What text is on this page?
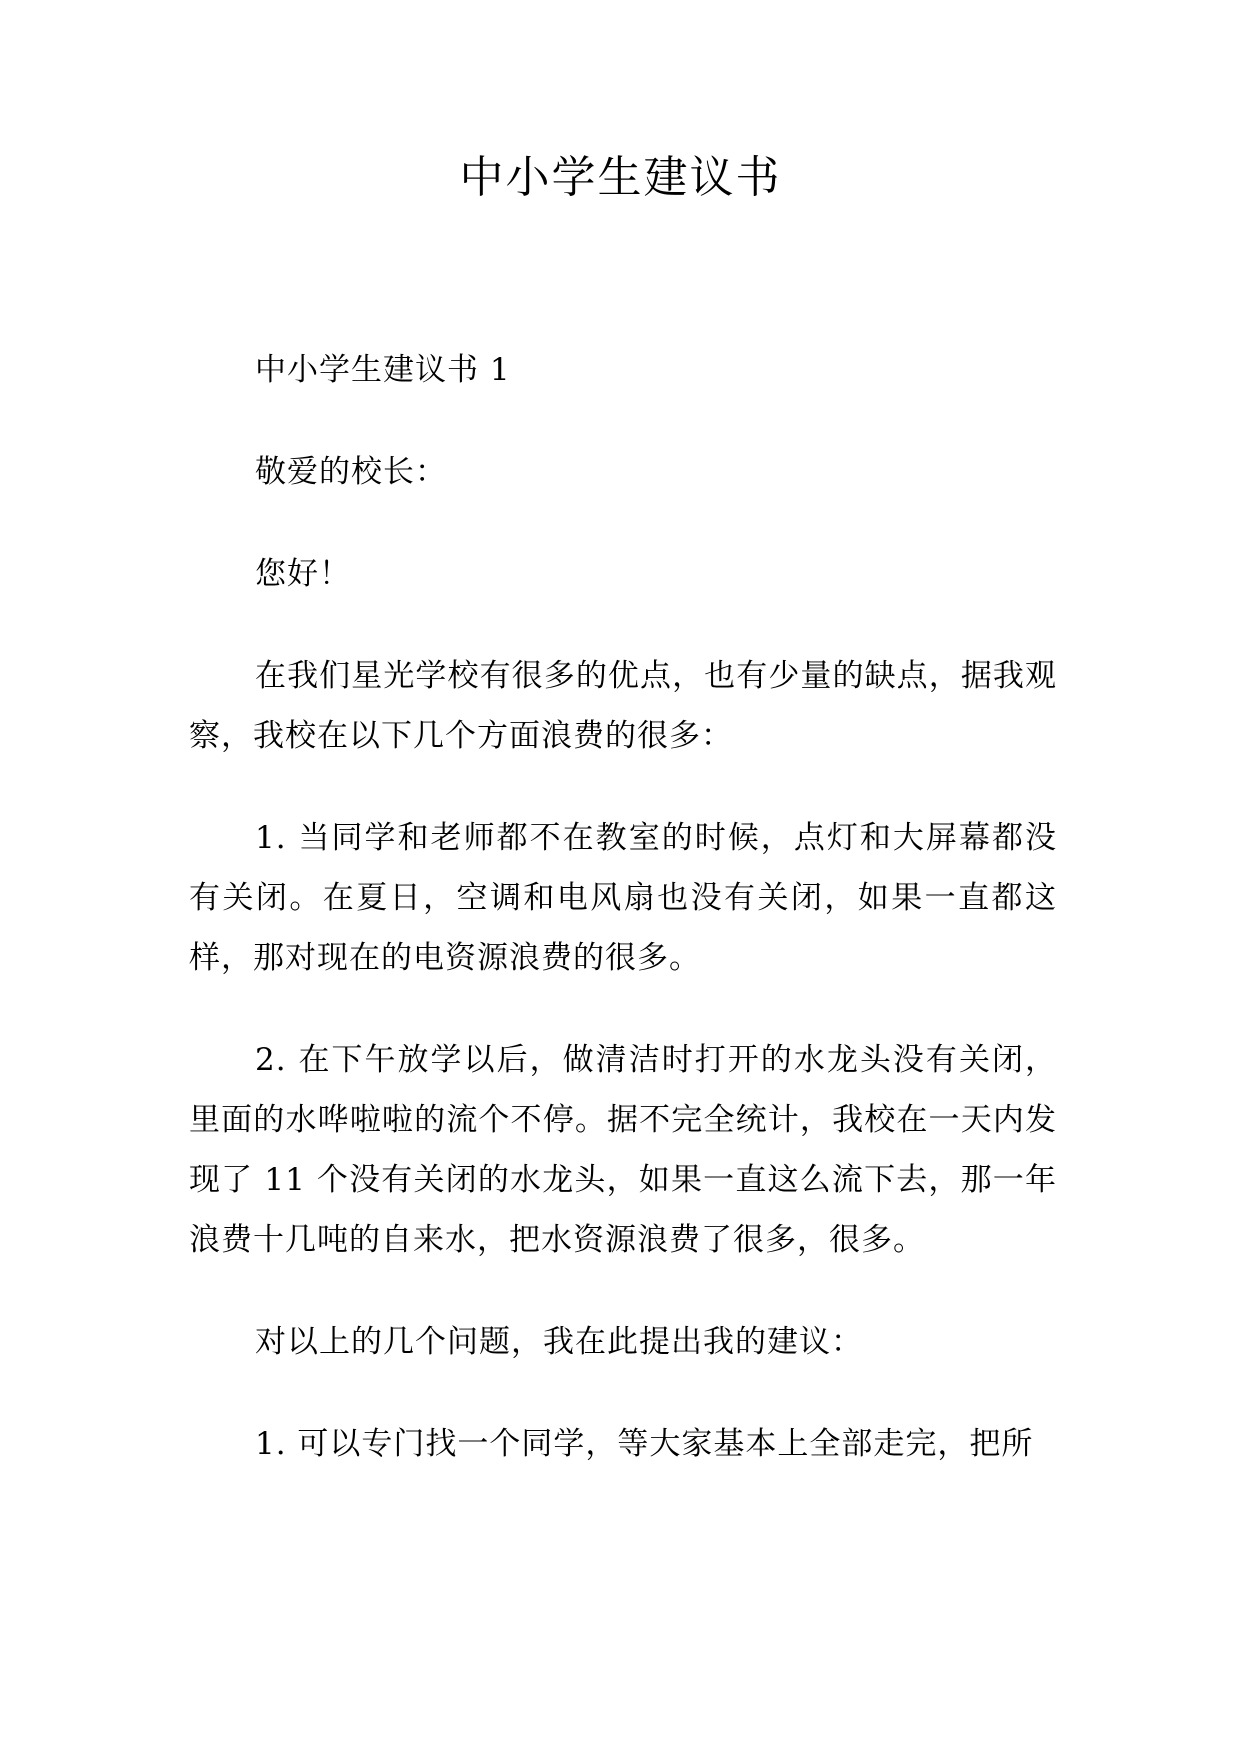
中小学生建议书

中小学生建议书 1

敬爱的校长：

您好！

在我们星光学校有很多的优点，也有少量的缺点，据我观察，我校在以下几个方面浪费的很多：

1. 当同学和老师都不在教室的时候，点灯和大屏幕都没有关闭。在夏日，空调和电风扇也没有关闭，如果一直都这样，那对现在的电资源浪费的很多。

2. 在下午放学以后，做清洁时打开的水龙头没有关闭，里面的水哗啦啦的流个不停。据不完全统计，我校在一天内发现了 11 个没有关闭的水龙头，如果一直这么流下去，那一年浪费十几吨的自来水，把水资源浪费了很多，很多。

对以上的几个问题，我在此提出我的建议：

1. 可以专门找一个同学，等大家基本上全部走完，把所
